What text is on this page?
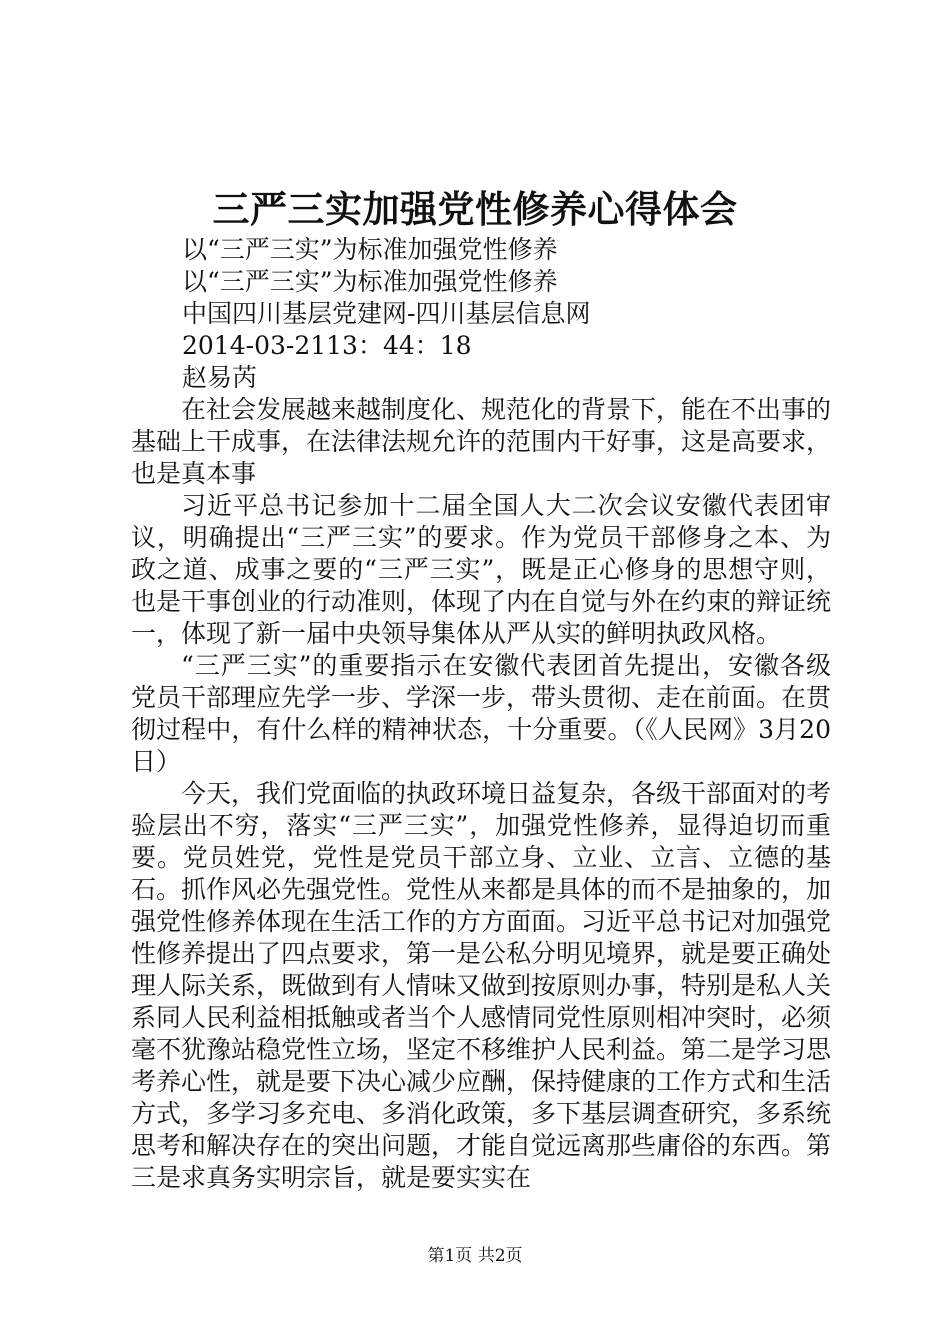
三严三实加强党性修养心得体会
以“三严三实”为标准加强党性修养
以“三严三实”为标准加强党性修养
中国四川基层党建网-四川基层信息网
2014-03-2113：44：18
赵易芮

在社会发展越来越制度化、规范化的背景下，能在不出事的基础上干成事，在法律法规允许的范围内干好事，这是高要求，也是真本事

习近平总书记参加十二届全国人大二次会议安徽代表团审议，明确提出“三严三实”的要求。作为党员干部修身之本、为政之道、成事之要的“三严三实”，既是正心修身的思想守则，也是干事创业的行动准则，体现了内在自觉与外在约束的辩证统一，体现了新一届中央领导集体从严从实的鲜明执政风格。

“三严三实”的重要指示在安徽代表团首先提出，安徽各级党员干部理应先学一步、学深一步，带头贯彻、走在前面。在贯彻过程中，有什么样的精神状态，十分重要。（《人民网》3月20日）

今天，我们党面临的执政环境日益复杂，各级干部面对的考验层出不穷，落实“三严三实”，加强党性修养，显得迫切而重要。党员姓党，党性是党员干部立身、立业、立言、立德的基石。抓作风必先强党性。党性从来都是具体的而不是抽象的，加强党性修养体现在生活工作的方方面面。习近平总书记对加强党性修养提出了四点要求，第一是公私分明见境界，就是要正确处理人际关系，既做到有人情味又做到按原则办事，特别是私人关系同人民利益相抵触或者当个人感情同党性原则相冲突时，必须毫不犹豫站稳党性立场，坚定不移维护人民利益。第二是学习思考养心性，就是要下决心减少应酬，保持健康的工作方式和生活方式，多学习多充电、多消化政策，多下基层调查研究，多系统思考和解决存在的突出问题，才能自觉远离那些庸俗的东西。第三是求真务实明宗旨，就是要实实在

第1页 共2页
